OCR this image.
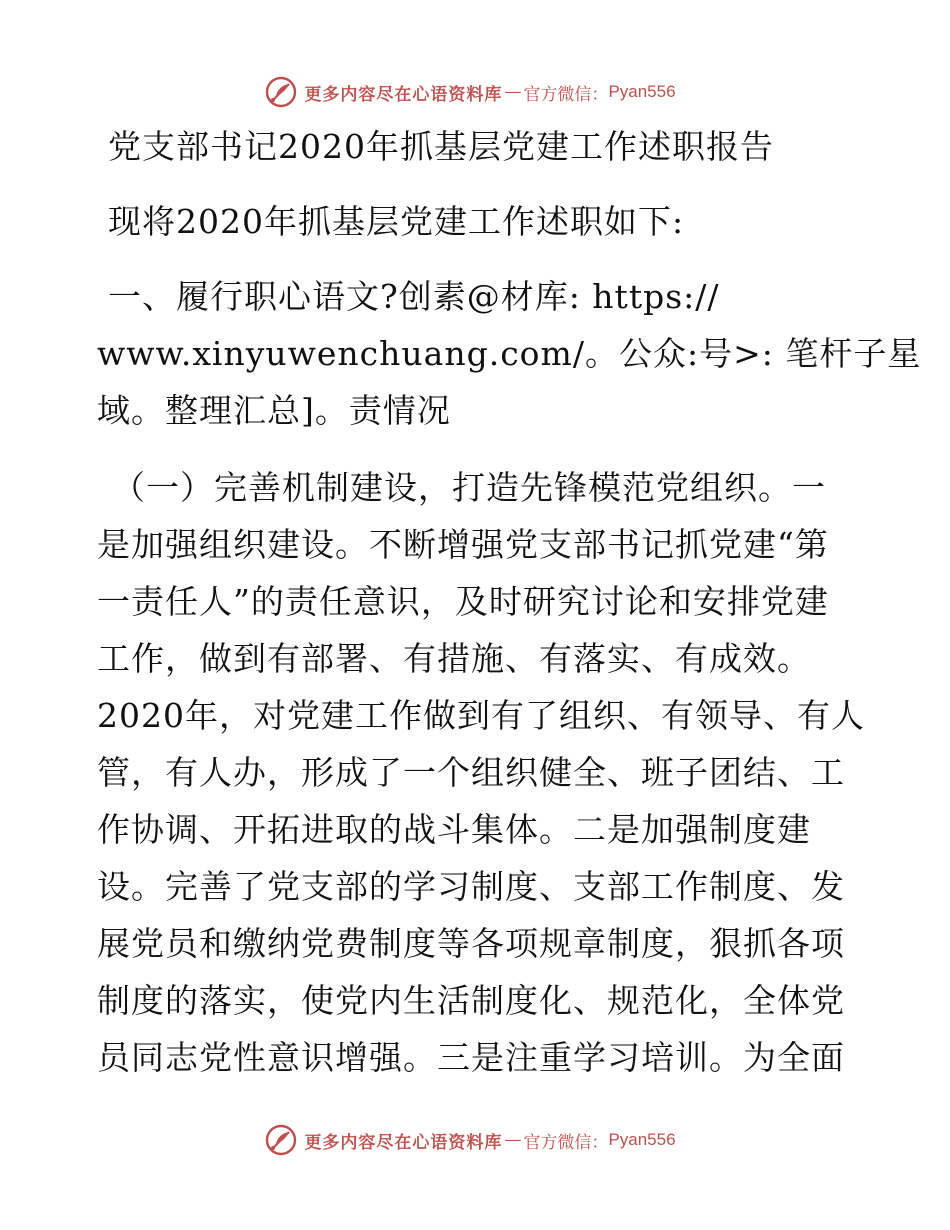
更多内容尽在心语资料库 — 官方微信： Pyan556
党支部书记2020年抓基层党建工作述职报告
现将2020年抓基层党建工作述职如下:
一、履行职心语文?创素@材库: https://
www.xinyuwenchuang.com/。公众:号>: 笔杆子星
域。整理汇总]。责情况
（一）完善机制建设，打造先锋模范党组织。一
是加强组织建设。不断增强党支部书记抓党建“第
一责任人”的责任意识，及时研究讨论和安排党建
工作，做到有部署、有措施、有落实、有成效。
2020年，对党建工作做到有了组织、有领导、有人
管，有人办，形成了一个组织健全、班子团结、工
作协调、开拓进取的战斗集体。二是加强制度建
设。完善了党支部的学习制度、支部工作制度、发
展党员和缴纳党费制度等各项规章制度，狠抓各项
制度的落实，使党内生活制度化、规范化，全体党
员同志党性意识增强。三是注重学习培训。为全面
更多内容尽在心语资料库 — 官方微信： Pyan556
